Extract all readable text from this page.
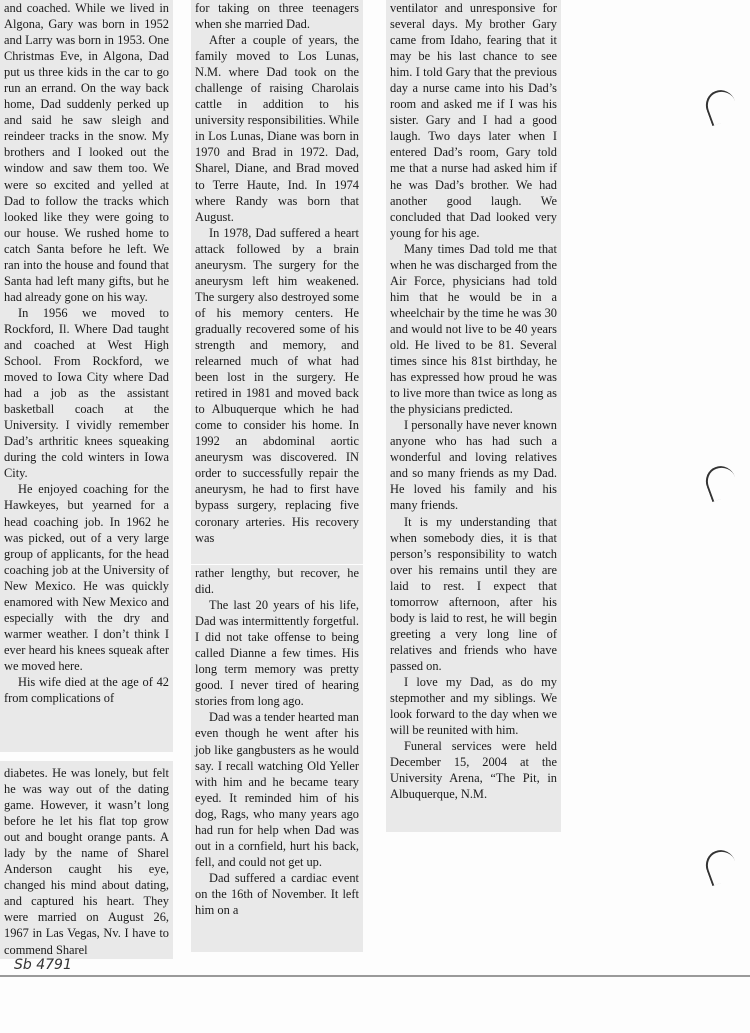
and coached. While we lived in Algona, Gary was born in 1952 and Larry was born in 1953. One Christmas Eve, in Algona, Dad put us three kids in the car to go run an errand. On the way back home, Dad suddenly perked up and said he saw sleigh and reindeer tracks in the snow. My brothers and I looked out the window and saw them too. We were so excited and yelled at Dad to follow the tracks which looked like they were going to our house. We rushed home to catch Santa before he left. We ran into the house and found that Santa had left many gifts, but he had already gone on his way.

In 1956 we moved to Rockford, Il. Where Dad taught and coached at West High School. From Rockford, we moved to Iowa City where Dad had a job as the assistant basketball coach at the University. I vividly remember Dad’s arthritic knees squeaking during the cold winters in Iowa City.

He enjoyed coaching for the Hawkeyes, but yearned for a head coaching job. In 1962 he was picked, out of a very large group of applicants, for the head coaching job at the University of New Mexico. He was quickly enamored with New Mexico and especially with the dry and warmer weather. I don’t think I ever heard his knees squeak after we moved here.

His wife died at the age of 42 from complications of

diabetes. He was lonely, but felt he was way out of the dating game. However, it wasn’t long before he let his flat top grow out and bought orange pants. A lady by the name of Sharel Anderson caught his eye, changed his mind about dating, and captured his heart. They were married on August 26, 1967 in Las Vegas, Nv. I have to commend Sharel

for taking on three teenagers when she married Dad.

After a couple of years, the family moved to Los Lunas, N.M. where Dad took on the challenge of raising Charolais cattle in addition to his university responsibilities. While in Los Lunas, Diane was born in 1970 and Brad in 1972. Dad, Sharel, Diane, and Brad moved to Terre Haute, Ind. In 1974 where Randy was born that August.

In 1978, Dad suffered a heart attack followed by a brain aneurysm. The surgery for the aneurysm left him weakened. The surgery also destroyed some of his memory centers. He gradually recovered some of his strength and memory, and relearned much of what had been lost in the surgery. He retired in 1981 and moved back to Albuquerque which he had come to consider his home. In 1992 an abdominal aortic aneurysm was discovered. IN order to successfully repair the aneurysm, he had to first have bypass surgery, replacing five coronary arteries. His recovery was

rather lengthy, but recover, he did.

The last 20 years of his life, Dad was intermittently forgetful. I did not take offense to being called Dianne a few times. His long term memory was pretty good. I never tired of hearing stories from long ago.

Dad was a tender hearted man even though he went after his job like gangbusters as he would say. I recall watching Old Yeller with him and he became teary eyed. It reminded him of his dog, Rags, who many years ago had run for help when Dad was out in a cornfield, hurt his back, fell, and could not get up.

Dad suffered a cardiac event on the 16th of November. It left him on a

ventilator and unresponsive for several days. My brother Gary came from Idaho, fearing that it may be his last chance to see him. I told Gary that the previous day a nurse came into his Dad’s room and asked me if I was his sister. Gary and I had a good laugh. Two days later when I entered Dad’s room, Gary told me that a nurse had asked him if he was Dad’s brother. We had another good laugh. We concluded that Dad looked very young for his age.

Many times Dad told me that when he was discharged from the Air Force, physicians had told him that he would be in a wheelchair by the time he was 30 and would not live to be 40 years old. He lived to be 81. Several times since his 81st birthday, he has expressed how proud he was to live more than twice as long as the physicians predicted.

I personally have never known anyone who has had such a wonderful and loving relatives and so many friends as my Dad. He loved his family and his many friends.

It is my understanding that when somebody dies, it is that person’s responsibility to watch over his remains until they are laid to rest. I expect that tomorrow afternoon, after his body is laid to rest, he will begin greeting a very long line of relatives and friends who have passed on.

I love my Dad, as do my stepmother and my siblings. We look forward to the day when we will be reunited with him.

Funeral services were held December 15, 2004 at the University Arena, “The Pit, in Albuquerque, N.M.

Sb 4791
